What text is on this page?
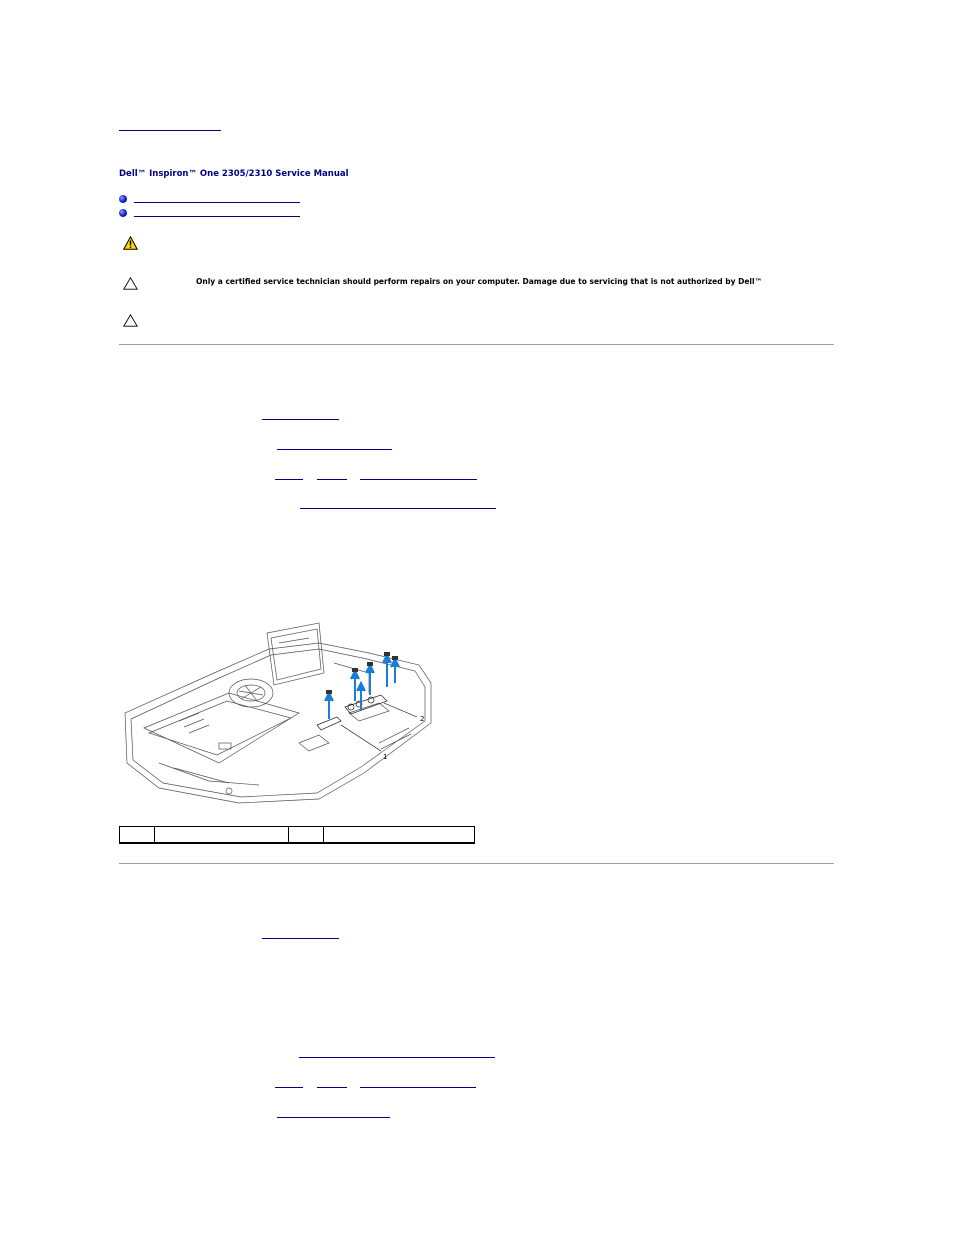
Dell™ Inspiron™ One 2305/2310 Service Manual
Only a certified service technician should perform repairs on your computer. Damage due to servicing that is not authorized by Dell™
1
2
